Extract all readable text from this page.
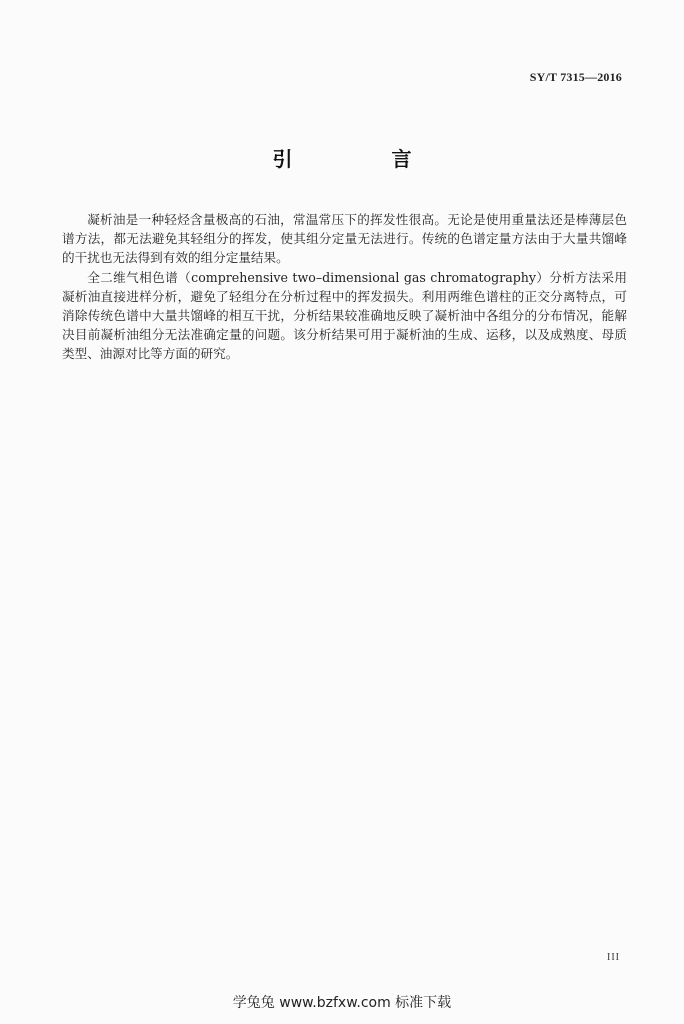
SY/T 7315—2016
引 言

凝析油是一种轻烃含量极高的石油，常温常压下的挥发性很高。无论是使用重量法还是棒薄层色谱方法，都无法避免其轻组分的挥发，使其组分定量无法进行。传统的色谱定量方法由于大量共馏峰的干扰也无法得到有效的组分定量结果。

全二维气相色谱（comprehensive two–dimensional gas chromatography）分析方法采用凝析油直接进样分析，避免了轻组分在分析过程中的挥发损失。利用两维色谱柱的正交分离特点，可消除传统色谱中大量共馏峰的相互干扰，分析结果较准确地反映了凝析油中各组分的分布情况，能解决目前凝析油组分无法准确定量的问题。该分析结果可用于凝析油的生成、运移，以及成熟度、母质类型、油源对比等方面的研究。

III
学兔兔 www.bzfxw.com 标准下载
